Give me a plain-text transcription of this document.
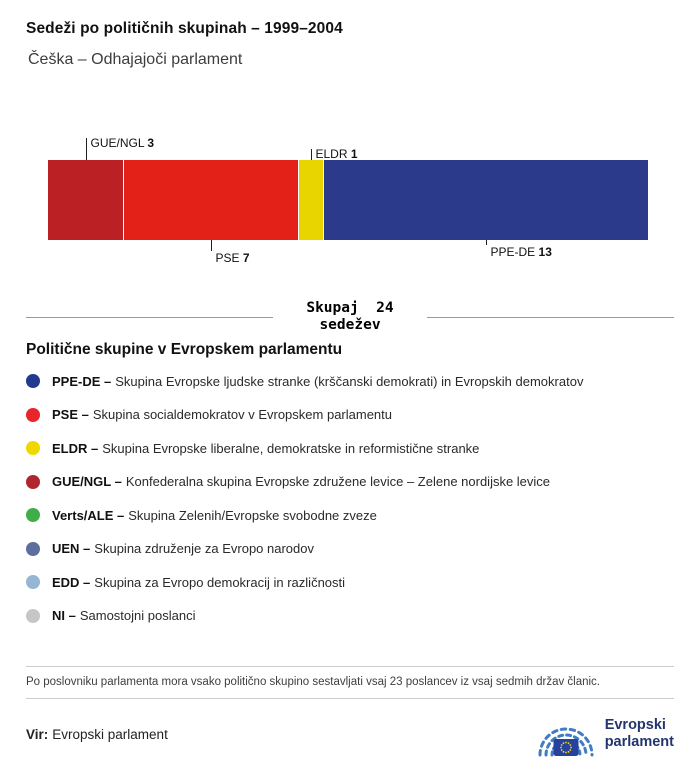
Sedeži po političnih skupinah – 1999–2004
Češka – Odhajajoči parlament
GUE/NGL 3
PSE 7
ELDR 1
PPE-DE 13
Skupaj  24
sedežev
Politične skupine v Evropskem parlamentu
PPE-DE – Skupina Evropske ljudske stranke (krščanski demokrati) in Evropskih demokratov
PSE – Skupina socialdemokratov v Evropskem parlamentu
ELDR – Skupina Evropske liberalne, demokratske in reformistične stranke
GUE/NGL – Konfederalna skupina Evropske združene levice – Zelene nordijske levice
Verts/ALE – Skupina Zelenih/Evropske svobodne zveze
UEN – Skupina združenje za Evropo narodov
EDD – Skupina za Evropo demokracij in različnosti
NI – Samostojni poslanci
Po poslovniku parlamenta mora vsako politično skupino sestavljati vsaj 23 poslancev iz vsaj sedmih držav članic.
Vir: Evropski parlament
Evropski
parlament
